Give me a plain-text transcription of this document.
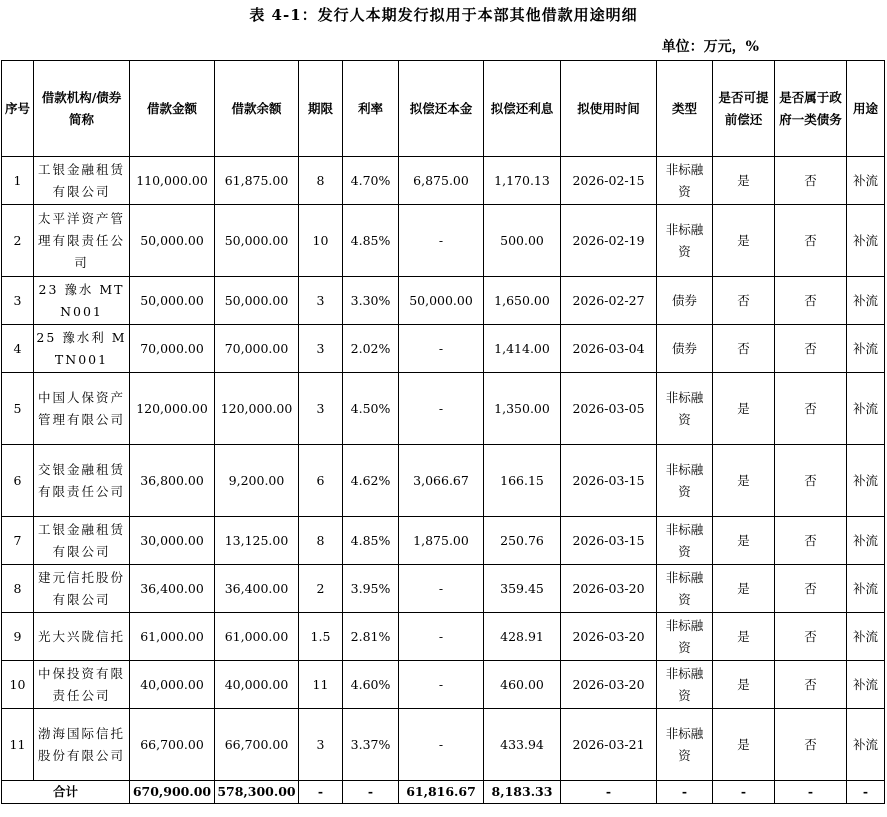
表 4-1：发行人本期发行拟用于本部其他借款用途明细
单位：万元，%
序号	借款机构/债券简称	借款金额	借款余额	期限	利率	拟偿还本金	拟偿还利息	拟使用时间	类型	是否可提前偿还	是否属于政府一类债务	用途
1	工银金融租赁有限公司	110,000.00	61,875.00	8	4.70%	6,875.00	1,170.13	2026-02-15	非标融资	是	否	补流
2	太平洋资产管理有限责任公司	50,000.00	50,000.00	10	4.85%	-	500.00	2026-02-19	非标融资	是	否	补流
3	23 豫水 MTN001	50,000.00	50,000.00	3	3.30%	50,000.00	1,650.00	2026-02-27	债券	否	否	补流
4	25 豫水利 MTN001	70,000.00	70,000.00	3	2.02%	-	1,414.00	2026-03-04	债券	否	否	补流
5	中国人保资产管理有限公司	120,000.00	120,000.00	3	4.50%	-	1,350.00	2026-03-05	非标融资	是	否	补流
6	交银金融租赁有限责任公司	36,800.00	9,200.00	6	4.62%	3,066.67	166.15	2026-03-15	非标融资	是	否	补流
7	工银金融租赁有限公司	30,000.00	13,125.00	8	4.85%	1,875.00	250.76	2026-03-15	非标融资	是	否	补流
8	建元信托股份有限公司	36,400.00	36,400.00	2	3.95%	-	359.45	2026-03-20	非标融资	是	否	补流
9	光大兴陇信托	61,000.00	61,000.00	1.5	2.81%	-	428.91	2026-03-20	非标融资	是	否	补流
10	中保投资有限责任公司	40,000.00	40,000.00	11	4.60%	-	460.00	2026-03-20	非标融资	是	否	补流
11	渤海国际信托股份有限公司	66,700.00	66,700.00	3	3.37%	-	433.94	2026-03-21	非标融资	是	否	补流
合计		670,900.00	578,300.00	-	-	61,816.67	8,183.33	-	-	-	-	-
